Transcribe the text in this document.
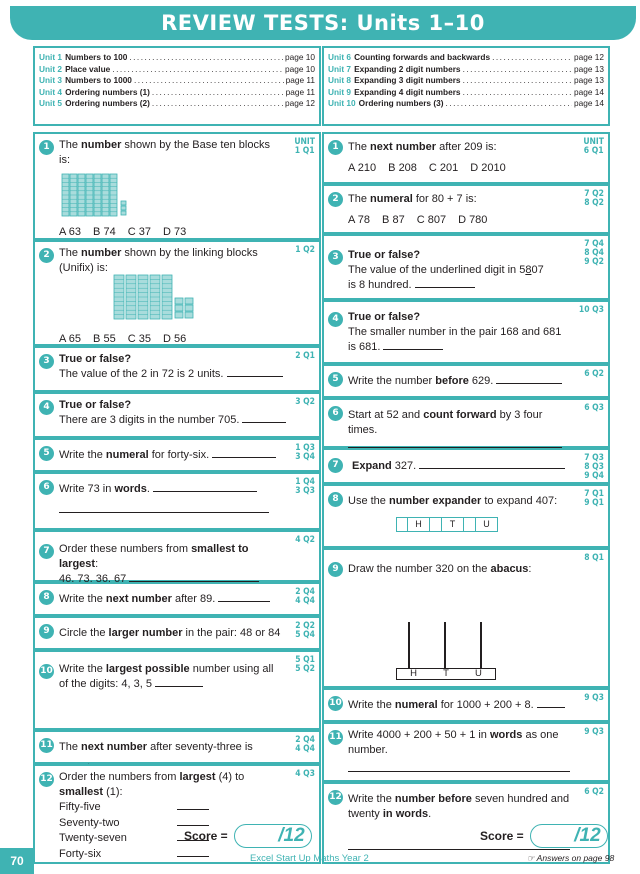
REVIEW TESTS: Units 1–10
Unit 1 Numbers to 100 .....	page 10
Unit 2 Place value .....	page 10
Unit 3 Numbers to 1000 .....	page 11
Unit 4 Ordering numbers (1) .....	page 11
Unit 5 Ordering numbers (2) .....	page 12
1	UNIT
1 Q1
The number shown by the Base ten blocks is:
A 63 B 74 C 37 D 73
2	1 Q2
The number shown by the linking blocks (Unifix) is:
A 65 B 55 C 35 D 56
3	2 Q1
True or false?
The value of the 2 in 72 is 2 units.
4	3 Q2
True or false?
There are 3 digits in the number 705.
5	1 Q3
3 Q4
Write the numeral for forty-six.
6	1 Q4
3 Q3
Write 73 in words.
7
4 Q2
Order these numbers from smallest to largest:
46, 73, 36, 67
8	2 Q4
4 Q4
Write the next number after 89.
9	2 Q2
5 Q4
Circle the larger number in the pair: 48 or 84
10
5 Q1
5 Q2
Write the largest possible number using all of the digits: 4, 3, 5
11	2 Q4
4 Q4
The next number after seventy-three is .
12	4 Q3
Order the numbers from largest (4) to
smallest (1):
Fifty-five
Seventy-two
Twenty-seven
Forty-six
Unit 6 Counting forwards and backwards .....	page 12
Unit 7 Expanding 2 digit numbers .....	page 13
Unit 8 Expanding 3 digit numbers .....	page 13
Unit 9 Expanding 4 digit numbers .....	page 14
Unit 10 Ordering numbers (3) .....	page 14
1	UNIT
6 Q1
The next number after 209 is:
A 210 B 208 C 201 D 2010
2	7 Q2
8 Q2
The numeral for 80 + 7 is:
A 78 B 87 C 807 D 780
3
7 Q4
8 Q4
9 Q2
True or false?
The value of the underlined digit in 5807
is 8 hundred.
4
10 Q3
True or false?
The smaller number in the pair 168 and 681
is 681.
5	6 Q2
Write the number before 629.
6	6 Q3
Start at 52 and count forward by 3 four times.
7
7 Q3
8 Q3
9 Q4
Expand 327.
8	7 Q1
9 Q1
Use the number expander to expand 407:
H	T	U
9
8 Q1
Draw the number 320 on the abacus:
H	T	U
10	9 Q3
Write the numeral for 1000 + 200 + 8.
11	9 Q3
Write 4000 + 200 + 50 + 1 in words as one number.
12	6 Q2
Write the number before seven hundred and twenty in words.
Score =	/12	Score =	/12
70	Excel Start Up Maths Year 2	☞ Answers on page 98
